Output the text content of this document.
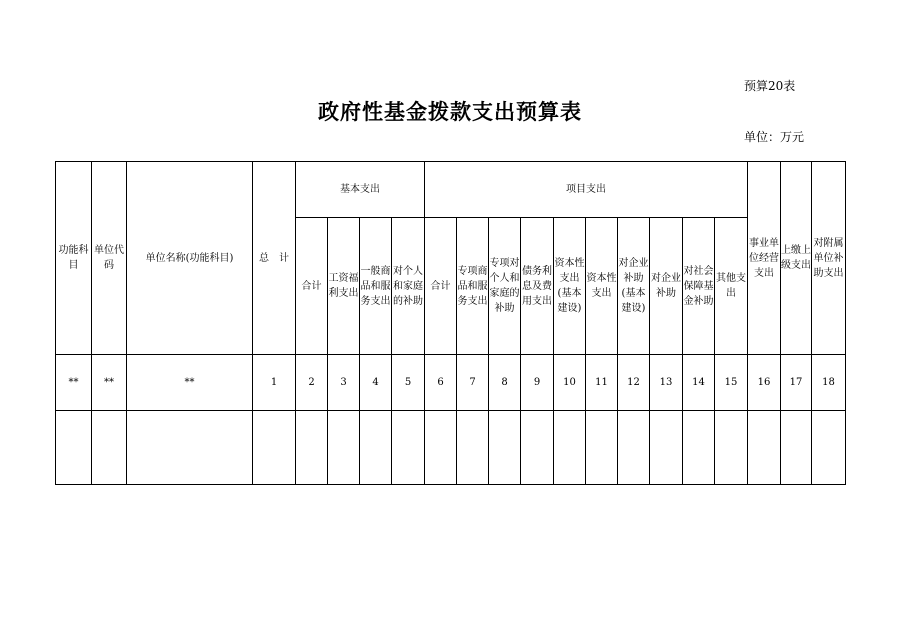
预算20表
政府性基金拨款支出预算表
单位：万元
功能科目	单位代码	单位名称(功能科目)	总　计	基本支出				项目支出										事业单位经营支出	上缴上级支出	对附属单位补助支出
				合计	工资福利支出	一般商品和服务支出	对个人和家庭的补助	合计	专项商品和服务支出	专项对个人和家庭的补助	债务利息及费用支出	资本性支出(基本建设)	资本性支出	对企业补助(基本建设)	对企业补助	对社会保障基金补助	其他支出			
**	**	**	1	2	3	4	5	6	7	8	9	10	11	12	13	14	15	16	17	18
